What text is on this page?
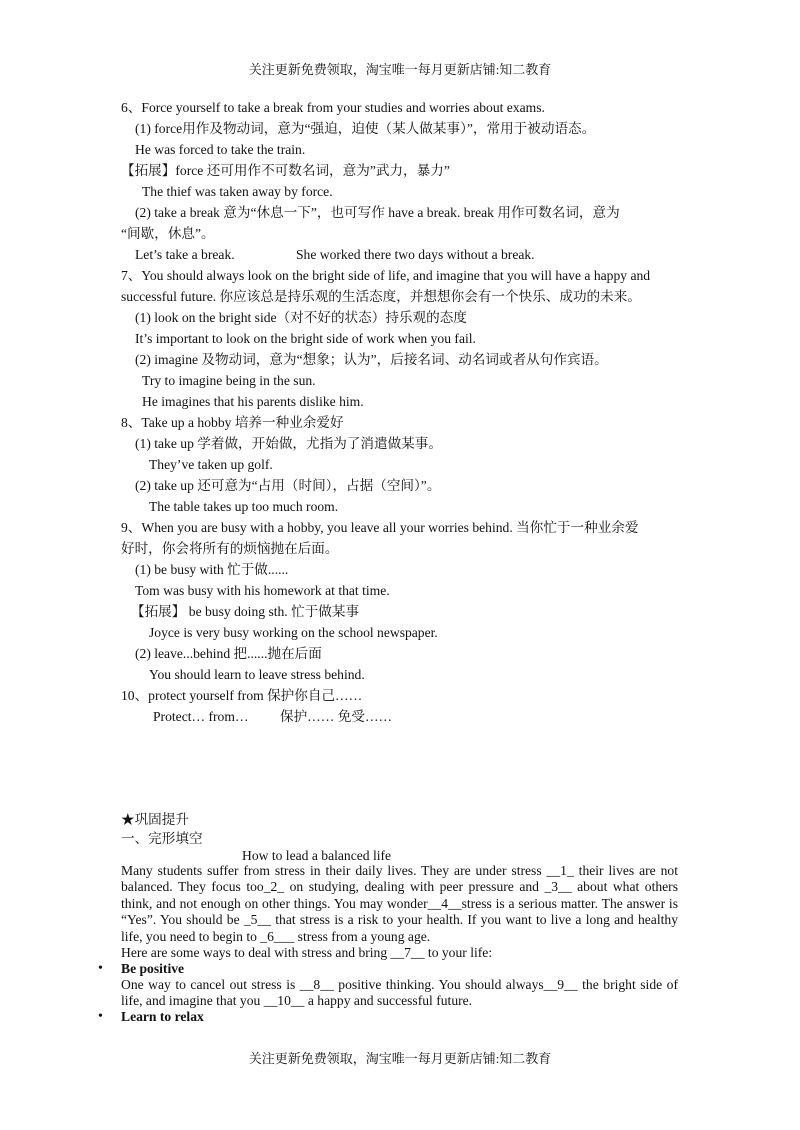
关注更新免费领取，淘宝唯一每月更新店铺:知二教育
6、Force yourself to take a break from your studies and worries about exams.
(1) force用作及物动词，意为“强迫，迫使（某人做某事）”，常用于被动语态。
He was forced to take the train.
【拓展】force 还可用作不可数名词，意为”武力，暴力”
The thief was taken away by force.
(2) take a break 意为“休息一下”，也可写作 have a break. break 用作可数名词，意为
“间歇，休息”。
Let’s take a break.	She worked there two days without a break.
7、You should always look on the bright side of life, and imagine that you will have a happy and
successful future. 你应该总是持乐观的生活态度，并想想你会有一个快乐、成功的未来。
(1) look on the bright side（对不好的状态）持乐观的态度
It’s important to look on the bright side of work when you fail.
(2) imagine 及物动词，意为“想象；认为”，后接名词、动名词或者从句作宾语。
Try to imagine being in the sun.
He imagines that his parents dislike him.
8、Take up a hobby 培养一种业余爱好
(1) take up 学着做，开始做，尤指为了消遣做某事。
They’ve taken up golf.
(2) take up 还可意为“占用（时间），占据（空间）”。
The table takes up too much room.
9、When you are busy with a hobby, you leave all your worries behind. 当你忙于一种业余爱
好时，你会将所有的烦恼抛在后面。
(1) be busy with 忙于做......
Tom was busy with his homework at that time.
【拓展】 be busy doing sth. 忙于做某事
Joyce is very busy working on the school newspaper.
(2) leave...behind 把......抛在后面
You should learn to leave stress behind.
10、protect yourself from 保护你自己……
Protect… from… 保护…… 免受……
★巩固提升
一、完形填空
How to lead a balanced life

Many students suffer from stress in their daily lives. They are under stress __1_ their lives are not balanced. They focus too_2_ on studying, dealing with peer pressure and _3__ about what others think, and not enough on other things. You may wonder__4__stress is a serious matter. The answer is “Yes”. You should be _5__ that stress is a risk to your health. If you want to live a long and healthy life, you need to begin to _6___ stress from a young age.

Here are some ways to deal with stress and bring __7__ to your life:
• Be positive

One way to cancel out stress is __8__ positive thinking. You should always__9__ the bright side of life, and imagine that you __10__ a happy and successful future.

• Learn to relax
关注更新免费领取，淘宝唯一每月更新店铺:知二教育
